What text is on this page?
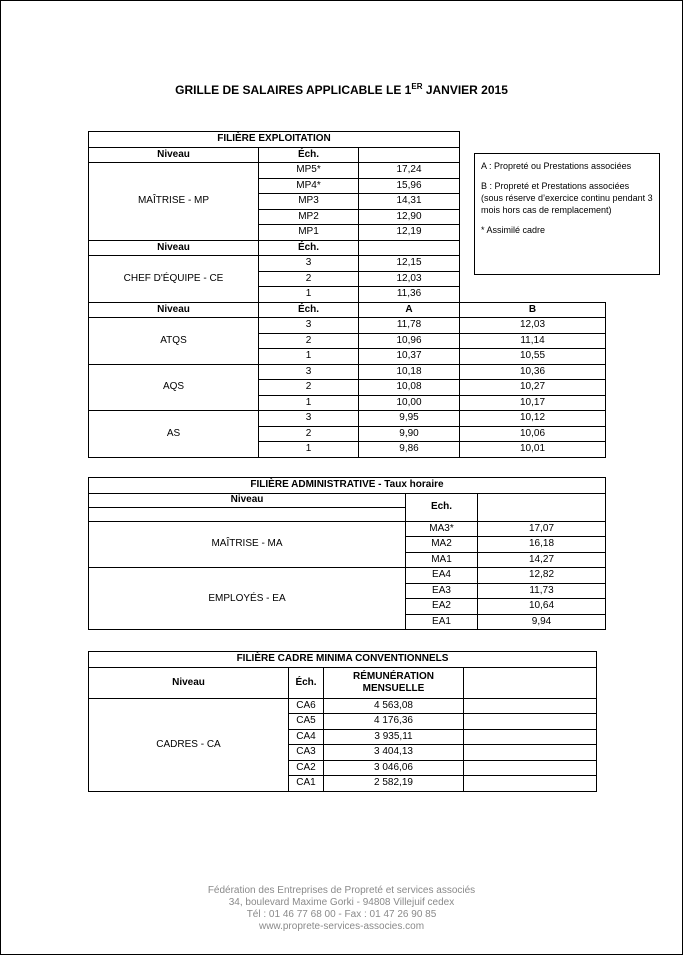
GRILLE DE SALAIRES APPLICABLE LE 1ER JANVIER 2015
FILIÈRE EXPLOITATION			
Niveau	Éch.		
MAÎTRISE - MP	MP5*	17,24	
	MP4*	15,96	
	MP3	14,31	
	MP2	12,90	
	MP1	12,19	
Niveau	Éch.		
CHEF D'ÉQUIPE - CE	3	12,15	
	2	12,03	
	1	11,36	
Niveau	Éch.	A	B
ATQS	3	11,78	12,03
	2	10,96	11,14
	1	10,37	10,55
AQS	3	10,18	10,36
	2	10,08	10,27
	1	10,00	10,17
AS	3	9,95	10,12
	2	9,90	10,06
	1	9,86	10,01

A : Propreté ou Prestations associées

B : Propreté et Prestations associées (sous réserve d’exercice continu pendant 3 mois hors cas de remplacement)

* Assimilé cadre

FILIÈRE ADMINISTRATIVE - Taux horaire		
Niveau	Ech.	

MAÎTRISE - MA	MA3*	17,07
	MA2	16,18
	MA1	14,27
EMPLOYÉS - EA	EA4	12,82
	EA3	11,73
	EA2	10,64
	EA1	9,94
FILIÈRE CADRE MINIMA CONVENTIONNELS			
Niveau	Éch.	RÉMUNÉRATION MENSUELLE	
CADRES - CA	CA6	4 563,08	
	CA5	4 176,36	
	CA4	3 935,11	
	CA3	3 404,13	
	CA2	3 046,06	
	CA1	2 582,19	
Fédération des Entreprises de Propreté et services associés
34, boulevard Maxime Gorki - 94808 Villejuif cedex
Tél : 01 46 77 68 00 - Fax : 01 47 26 90 85
www.proprete-services-associes.com
